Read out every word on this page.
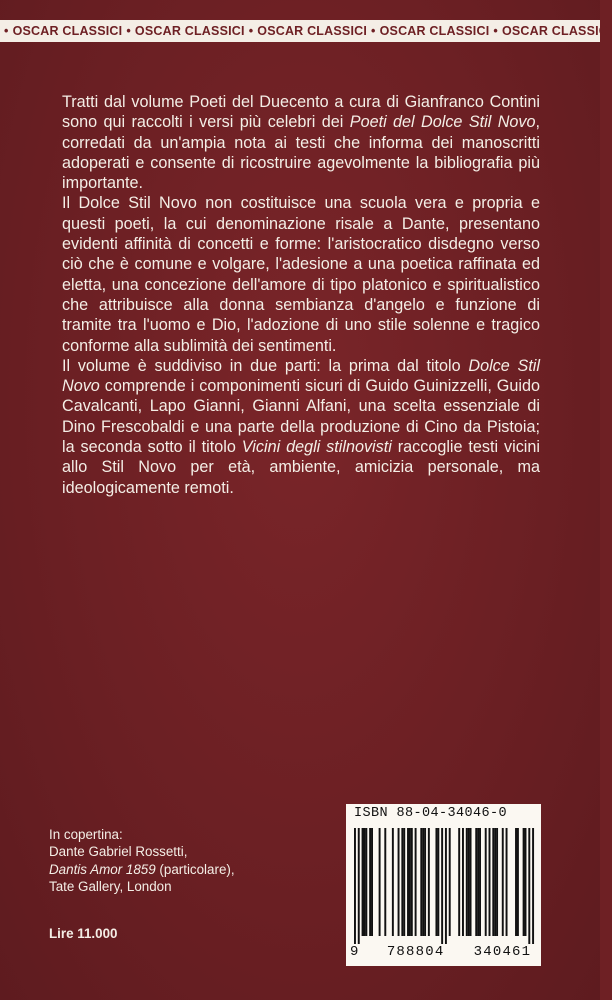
• OSCAR CLASSICI • OSCAR CLASSICI • OSCAR CLASSICI • OSCAR CLASSICI • OSCAR CLASSICI

Tratti dal volume Poeti del Duecento a cura di Gianfranco Contini sono qui raccolti i versi più celebri dei Poeti del Dolce Stil Novo, corredati da un'ampia nota ai testi che informa dei manoscritti adoperati e consente di ricostruire agevolmente la bibliografia più importante.

Il Dolce Stil Novo non costituisce una scuola vera e propria e questi poeti, la cui denominazione risale a Dante, presentano evidenti affinità di concetti e forme: l'aristocratico disdegno verso ciò che è comune e volgare, l'adesione a una poetica raffinata ed eletta, una concezione dell'amore di tipo platonico e spiritualistico che attribuisce alla donna sembianza d'angelo e funzione di tramite tra l'uomo e Dio, l'adozione di uno stile solenne e tragico conforme alla sublimità dei sentimenti.

Il volume è suddiviso in due parti: la prima dal titolo Dolce Stil Novo comprende i componimenti sicuri di Guido Guinizzelli, Guido Cavalcanti, Lapo Gianni, Gianni Alfani, una scelta essenziale di Dino Frescobaldi e una parte della produzione di Cino da Pistoia; la seconda sotto il titolo Vicini degli stilnovisti raccoglie testi vicini allo Stil Novo per età, ambiente, amicizia personale, ma ideologicamente remoti.

In copertina:
Dante Gabriel Rossetti,
Dantis Amor 1859 (particolare),
Tate Gallery, London
Lire 11.000
ISBN 88-04-34046-0
9 788804 340461
